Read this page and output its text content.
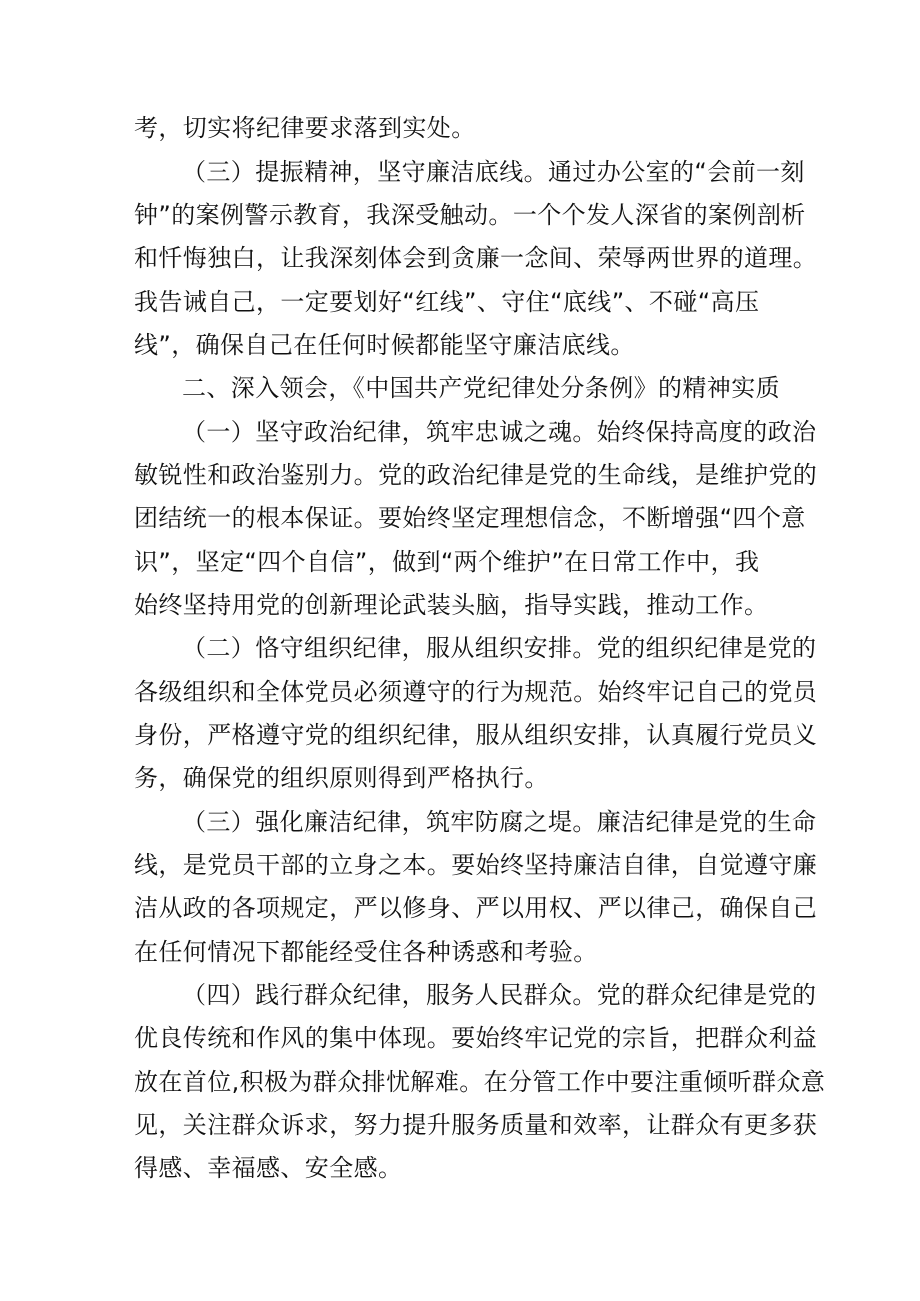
考，切实将纪律要求落到实处。
（三）提振精神，坚守廉洁底线。通过办公室的“会前一刻
钟”的案例警示教育，我深受触动。一个个发人深省的案例剖析
和忏悔独白，让我深刻体会到贪廉一念间、荣辱两世界的道理。
我告诫自己，一定要划好“红线”、守住“底线”、不碰“高压
线”，确保自己在任何时候都能坚守廉洁底线。
二、深入领会，《中国共产党纪律处分条例》的精神实质
（一）坚守政治纪律，筑牢忠诚之魂。始终保持高度的政治
敏锐性和政治鉴别力。党的政治纪律是党的生命线，是维护党的
团结统一的根本保证。要始终坚定理想信念，不断增强“四个意
识”，坚定“四个自信”，做到“两个维护”在日常工作中，我
始终坚持用党的创新理论武装头脑，指导实践，推动工作。
（二）恪守组织纪律，服从组织安排。党的组织纪律是党的
各级组织和全体党员必须遵守的行为规范。始终牢记自己的党员
身份，严格遵守党的组织纪律，服从组织安排，认真履行党员义
务，确保党的组织原则得到严格执行。
（三）强化廉洁纪律，筑牢防腐之堤。廉洁纪律是党的生命
线，是党员干部的立身之本。要始终坚持廉洁自律，自觉遵守廉
洁从政的各项规定，严以修身、严以用权、严以律己，确保自己
在任何情况下都能经受住各种诱惑和考验。
（四）践行群众纪律，服务人民群众。党的群众纪律是党的
优良传统和作风的集中体现。要始终牢记党的宗旨，把群众利益
放在首位,积极为群众排忧解难。在分管工作中要注重倾听群众意
见，关注群众诉求，努力提升服务质量和效率，让群众有更多获
得感、幸福感、安全感。
